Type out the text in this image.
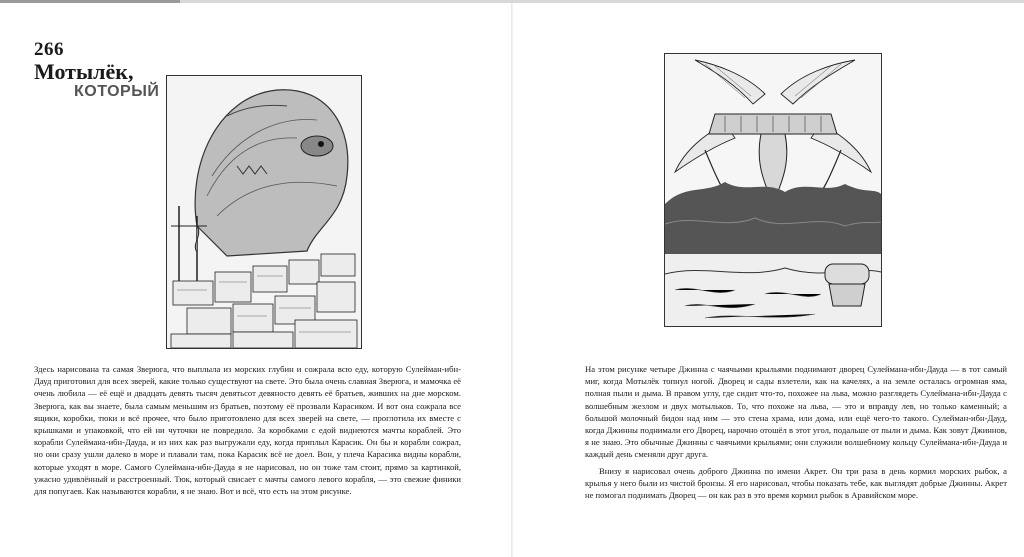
266
Мотылёк,
КОТОРЫЙ

Здесь нарисована та самая Зверюга, что выплыла из морских глубин и сожрала всю еду, которую Сулейман-ибн-Дауд приготовил для всех зверей, какие только существуют на свете. Это была очень славная Зверюга, и мамочка её очень любила — её ещё и двадцать девять тысяч девятьсот девяносто девять её братьев, живших на дне морском. Зверюга, как вы знаете, была самым меньшим из братьев, поэтому её прозвали Карасиком. И вот она сожрала все ящики, коробки, тюки и всё прочее, что было приготовлено для всех зверей на свете, — проглотила их вместе с крышками и упаковкой, что ей ни чуточки не повредило. За коробками с едой виднеются мачты кораблей. Это корабли Сулеймана-ибн-Дауда, и из них как раз выгружали еду, когда приплыл Карасик. Он бы и корабли сожрал, но они сразу ушли далеко в море и плавали там, пока Карасик всё не доел. Вон, у плеча Карасика видны корабли, которые уходят в море. Самого Сулеймана-ибн-Дауда я не нарисовал, но он тоже там стоит, прямо за картинкой, ужасно удивлённый и расстроенный. Тюк, который свисает с мачты самого левого корабля, — это свежие финики для попугаев. Как называются корабли, я не знаю. Вот и всё, что есть на этом рисунке.

На этом рисунке четыре Джинна с чаячьими крыльями поднимают дворец Сулеймана-ибн-Дауда — в тот самый миг, когда Мотылёк топнул ногой. Дворец и сады взлетели, как на качелях, а на земле осталась огромная яма, полная пыли и дыма. В правом углу, где сидит что-то, похожее на льва, можно разглядеть Сулеймана-ибн-Дауда с волшебным жезлом и двух мотыльков. То, что похоже на льва, — это и вправду лев, но только каменный; а большой молочный бидон над ним — это стена храма, или дома, или ещё чего-то такого. Сулейман-ибн-Дауд, когда Джинны поднимали его Дворец, нарочно отошёл в этот угол, подальше от пыли и дыма. Как зовут Джиннов, я не знаю. Это обычные Джинны с чаячьими крыльями; они служили волшебному кольцу Сулеймана-ибн-Дауда и каждый день сменяли друг друга.

Внизу я нарисовал очень доброго Джинна по имени Акрет. Он три раза в день кормил морских рыбок, а крылья у него были из чистой бронзы. Я его нарисовал, чтобы показать тебе, как выглядят добрые Джинны. Акрет не помогал поднимать Дворец — он как раз в это время кормил рыбок в Аравийском море.
